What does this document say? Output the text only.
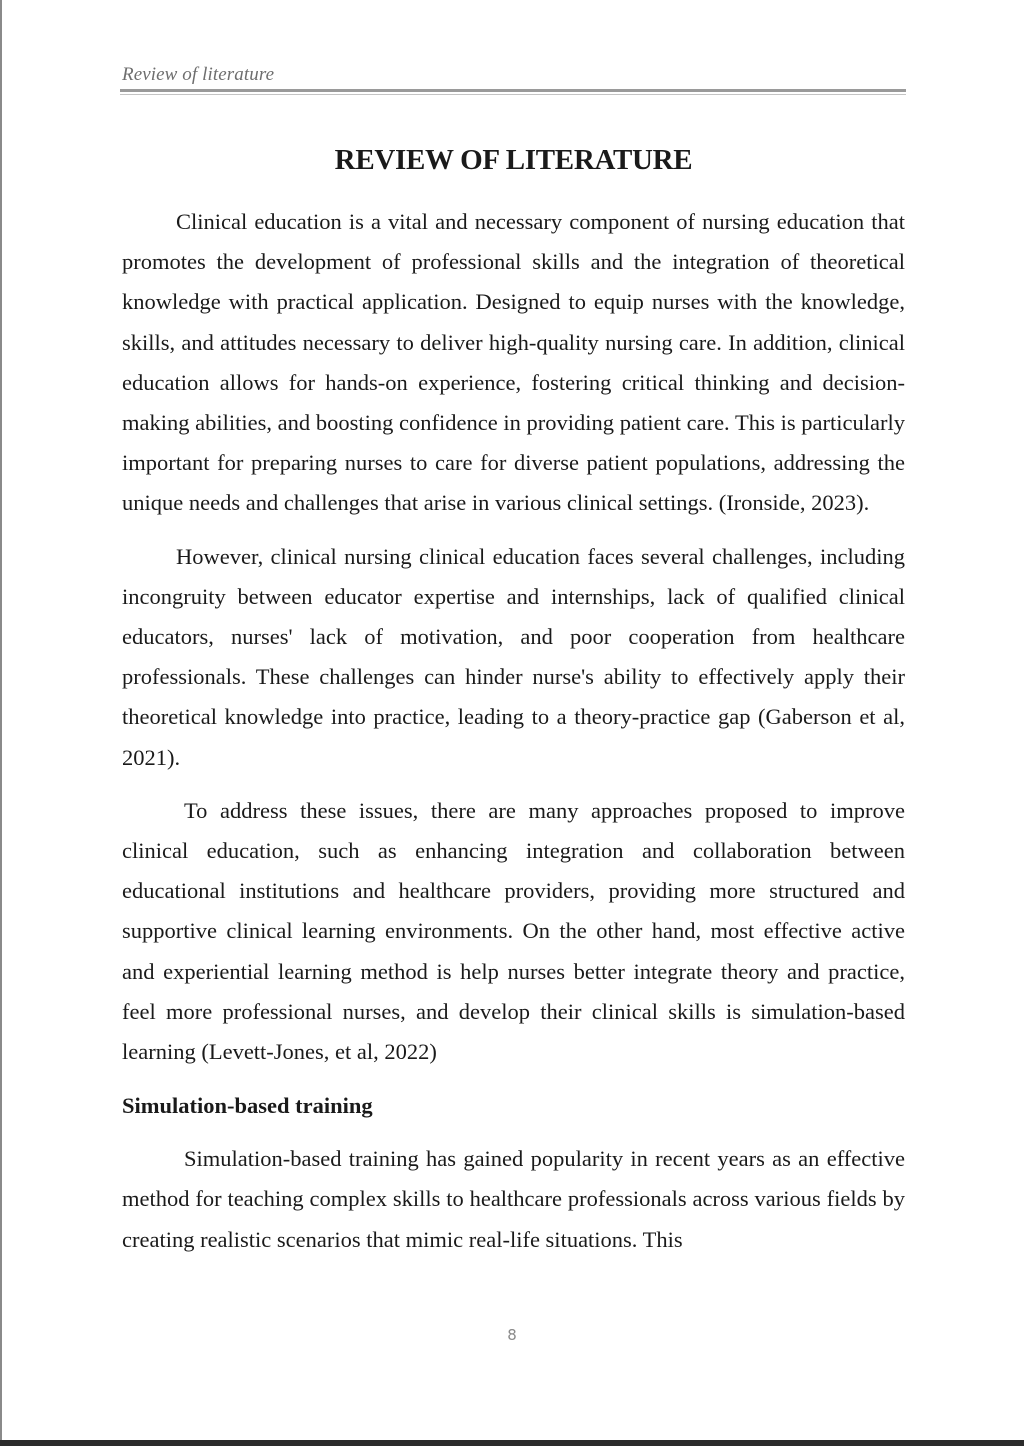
Review of literature
REVIEW OF LITERATURE

Clinical education is a vital and necessary component of nursing education that promotes the development of professional skills and the integration of theoretical knowledge with practical application. Designed to equip nurses with the knowledge, skills, and attitudes necessary to deliver high-quality nursing care. In addition, clinical education allows for hands-on experience, fostering critical thinking and decision-making abilities, and boosting confidence in providing patient care. This is particularly important for preparing nurses to care for diverse patient populations, addressing the unique needs and challenges that arise in various clinical settings. (Ironside, 2023).

However, clinical nursing clinical education faces several challenges, including incongruity between educator expertise and internships, lack of qualified clinical educators, nurses' lack of motivation, and poor cooperation from healthcare professionals. These challenges can hinder nurse's ability to effectively apply their theoretical knowledge into practice, leading to a theory-practice gap (Gaberson et al, 2021).

To address these issues, there are many approaches proposed to improve clinical education, such as enhancing integration and collaboration between educational institutions and healthcare providers, providing more structured and supportive clinical learning environments. On the other hand, most effective active and experiential learning method is help nurses better integrate theory and practice, feel more professional nurses, and develop their clinical skills is simulation-based learning (Levett-Jones, et al, 2022)

Simulation-based training

Simulation-based training has gained popularity in recent years as an effective method for teaching complex skills to healthcare professionals across various fields by creating realistic scenarios that mimic real-life situations. This

8
